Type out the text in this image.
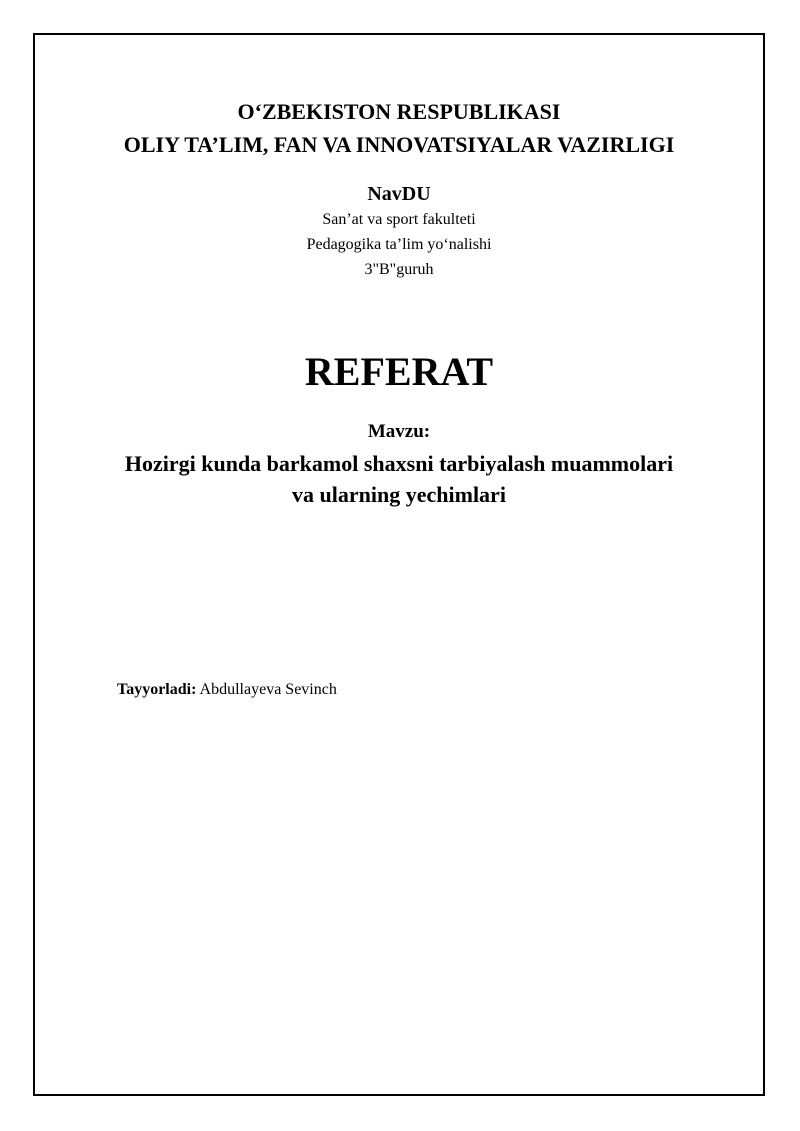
O‘ZBEKISTON RESPUBLIKASI

OLIY TA’LIM, FAN VA INNOVATSIYALAR VAZIRLIGI

NavDU

San’at va sport fakulteti

Pedagogika ta’lim yo‘nalishi

3"B"guruh

REFERAT

Mavzu:

Hozirgi kunda barkamol shaxsni tarbiyalash muammolari

va ularning yechimlari

Tayyorladi: Abdullayeva Sevinch
